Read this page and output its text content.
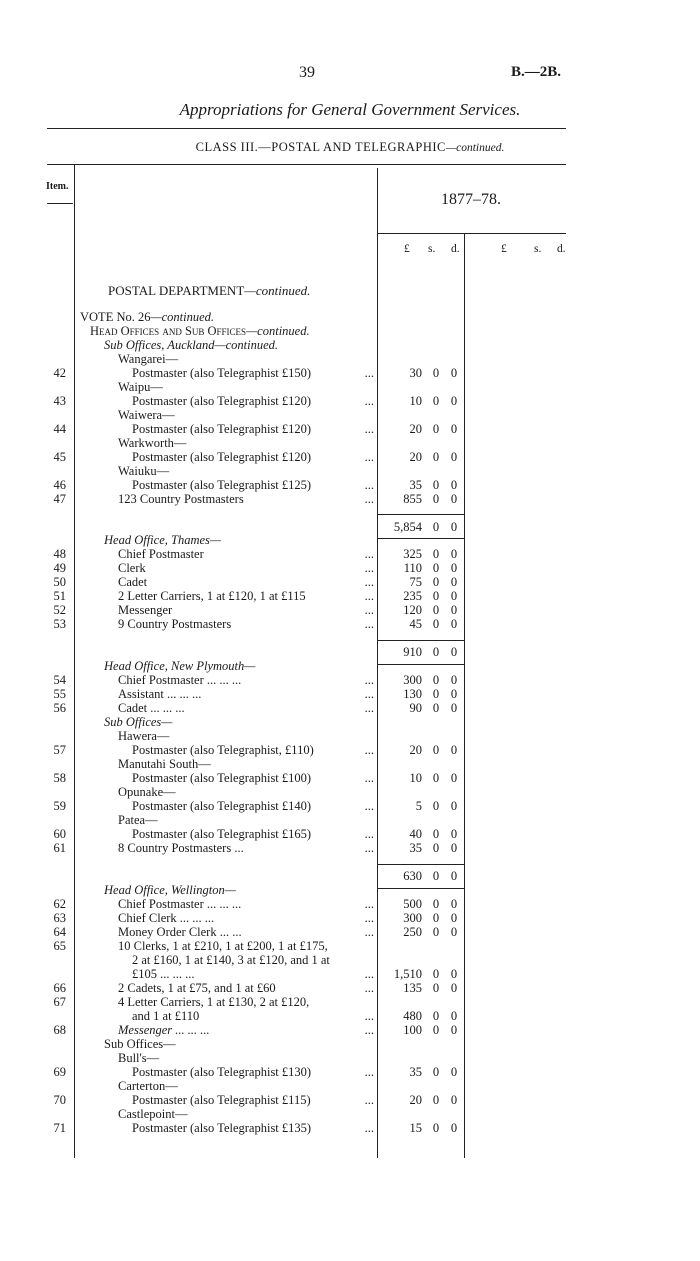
39	B.—2B.
Appropriations for General Government Services.
CLASS III.—POSTAL AND TELEGRAPHIC—continued.
Item.
1877–78.
£ s. d.	£ s. d.
POSTAL DEPARTMENT—continued.
VOTE No. 26—continued.
Head Offices and Sub Offices—continued.
Sub Offices, Auckland—continued.
Wangarei—
42	Postmaster (also Telegraphist £150)	...	30 0 0
Waipu—
43	Postmaster (also Telegraphist £120)	...	10 0 0
Waiwera—
44	Postmaster (also Telegraphist £120)	...	20 0 0
Warkworth—
45	Postmaster (also Telegraphist £120)	...	20 0 0
Waiuku—
46	Postmaster (also Telegraphist £125)	...	35 0 0
47	123 Country Postmasters	...	855 0 0
5,854 0 0
Head Office, Thames—
48	Chief Postmaster	...	325 0 0
49	Clerk	...	110 0 0
50	Cadet	...	75 0 0
51	2 Letter Carriers, 1 at £120, 1 at £115	...	235 0 0
52	Messenger	...	120 0 0
53	9 Country Postmasters	...	45 0 0
910 0 0
Head Office, New Plymouth—
54	Chief Postmaster ... ... ...	...	300 0 0
55	Assistant ... ... ...	...	130 0 0
56	Cadet ... ... ...	...	90 0 0
Sub Offices—
Hawera—
57	Postmaster (also Telegraphist, £110)	...	20 0 0
Manutahi South—
58	Postmaster (also Telegraphist £100)	...	10 0 0
Opunake—
59	Postmaster (also Telegraphist £140)	...	5 0 0
Patea—
60	Postmaster (also Telegraphist £165)	...	40 0 0
61	8 Country Postmasters ...	...	35 0 0
630 0 0
Head Office, Wellington—
62	Chief Postmaster ... ... ...	...	500 0 0
63	Chief Clerk ... ... ...	...	300 0 0
64	Money Order Clerk ... ...	...	250 0 0
65	10 Clerks, 1 at £210, 1 at £200, 1 at £175,
2 at £160, 1 at £140, 3 at £120, and 1 at
£105 ... ... ...	...	1,510 0 0
66	2 Cadets, 1 at £75, and 1 at £60	...	135 0 0
67	4 Letter Carriers, 1 at £130, 2 at £120,
and 1 at £110	...	480 0 0
68	Messenger ... ... ...	...	100 0 0
Sub Offices—
Bull's—
69	Postmaster (also Telegraphist £130)	...	35 0 0
Carterton—
70	Postmaster (also Telegraphist £115)	...	20 0 0
Castlepoint—
71	Postmaster (also Telegraphist £135)	...	15 0 0
